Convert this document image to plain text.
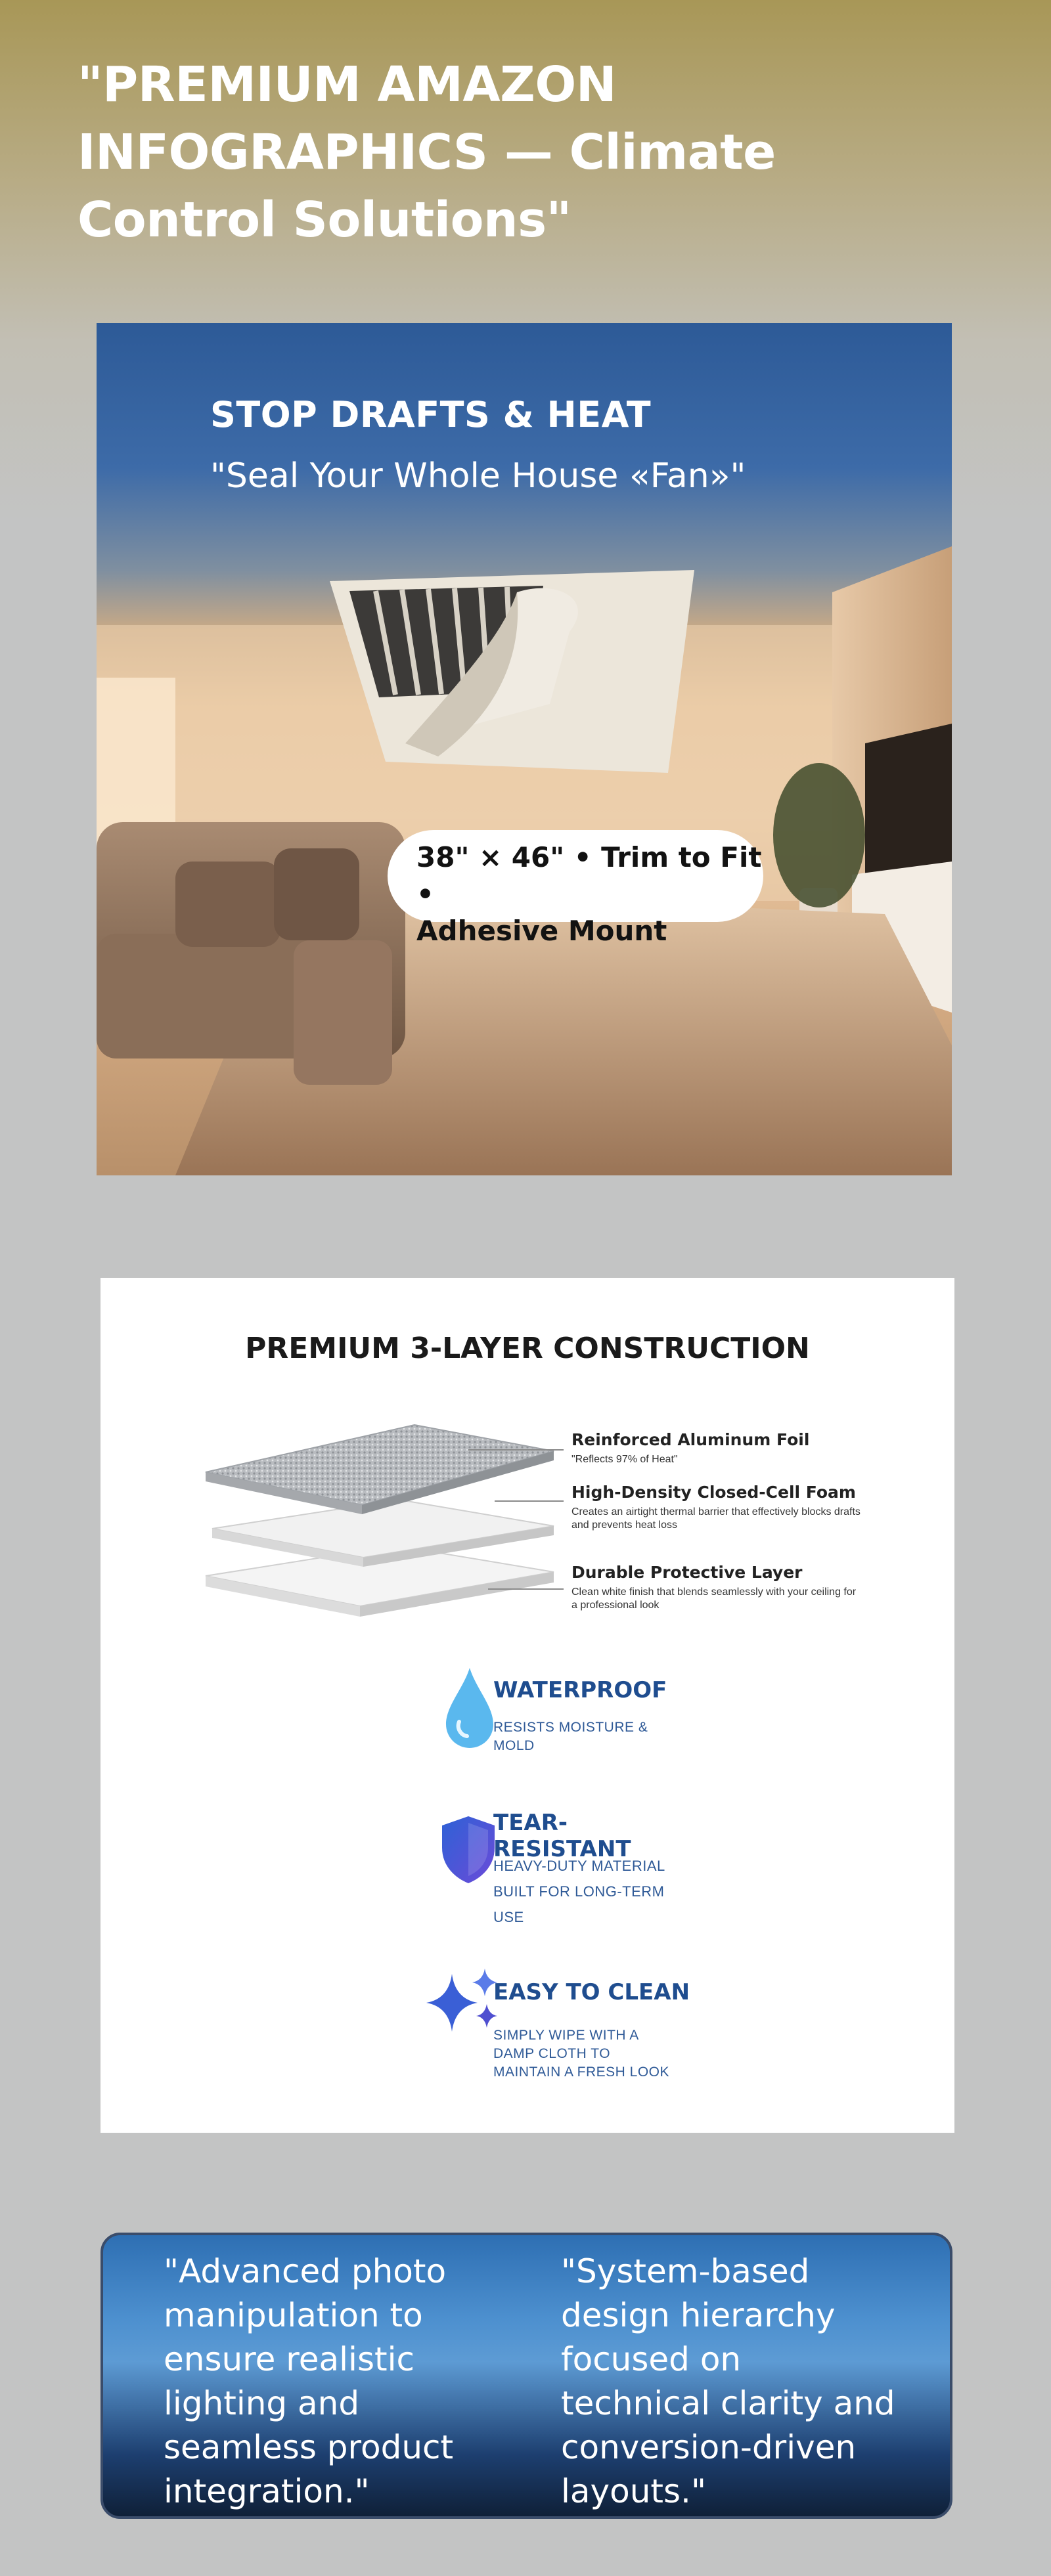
"PREMIUM AMAZON
INFOGRAPHICS — Climate
Control Solutions"
STOP DRAFTS & HEAT
"Seal Your Whole House «Fan»"
38" × 46" • Trim to Fit •
Adhesive Mount
PREMIUM 3-LAYER CONSTRUCTION
Reinforced Aluminum Foil
"Reflects 97% of Heat"
High-Density Closed-Cell Foam
Creates an airtight thermal barrier that effectively blocks drafts and prevents heat loss
Durable Protective Layer
Clean white finish that blends seamlessly with your ceiling for a professional look
WATERPROOF
RESISTS MOISTURE & MOLD
TEAR-RESISTANT
HEAVY-DUTY MATERIAL BUILT FOR LONG-TERM USE
EASY TO CLEAN
SIMPLY WIPE WITH A DAMP CLOTH TO MAINTAIN A FRESH LOOK
"Advanced photo
manipulation to
ensure realistic
lighting and
seamless product
integration."
"System-based
design hierarchy
focused on
technical clarity and
conversion-driven
layouts."
